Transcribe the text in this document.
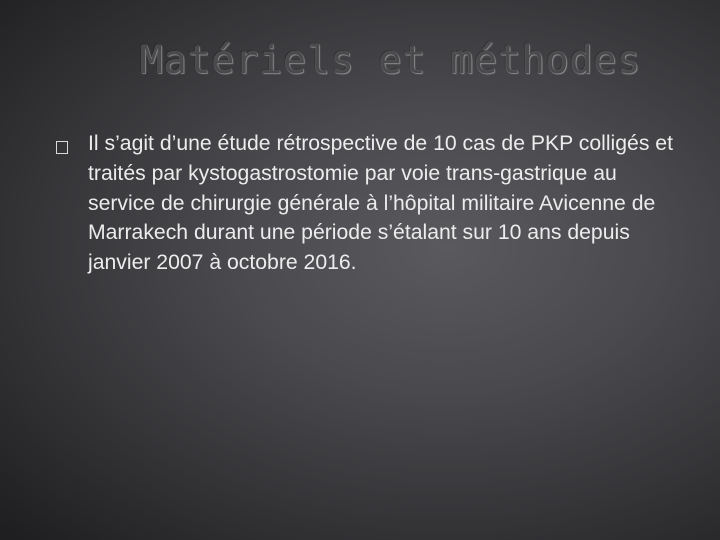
Matériels et méthodes

Il s’agit d’une étude rétrospective de 10 cas de PKP colligés et traités par kystogastrostomie par voie trans-gastrique au service de chirurgie générale à l’hôpital militaire Avicenne de Marrakech durant une période s’étalant sur 10 ans depuis janvier 2007 à octobre 2016.
